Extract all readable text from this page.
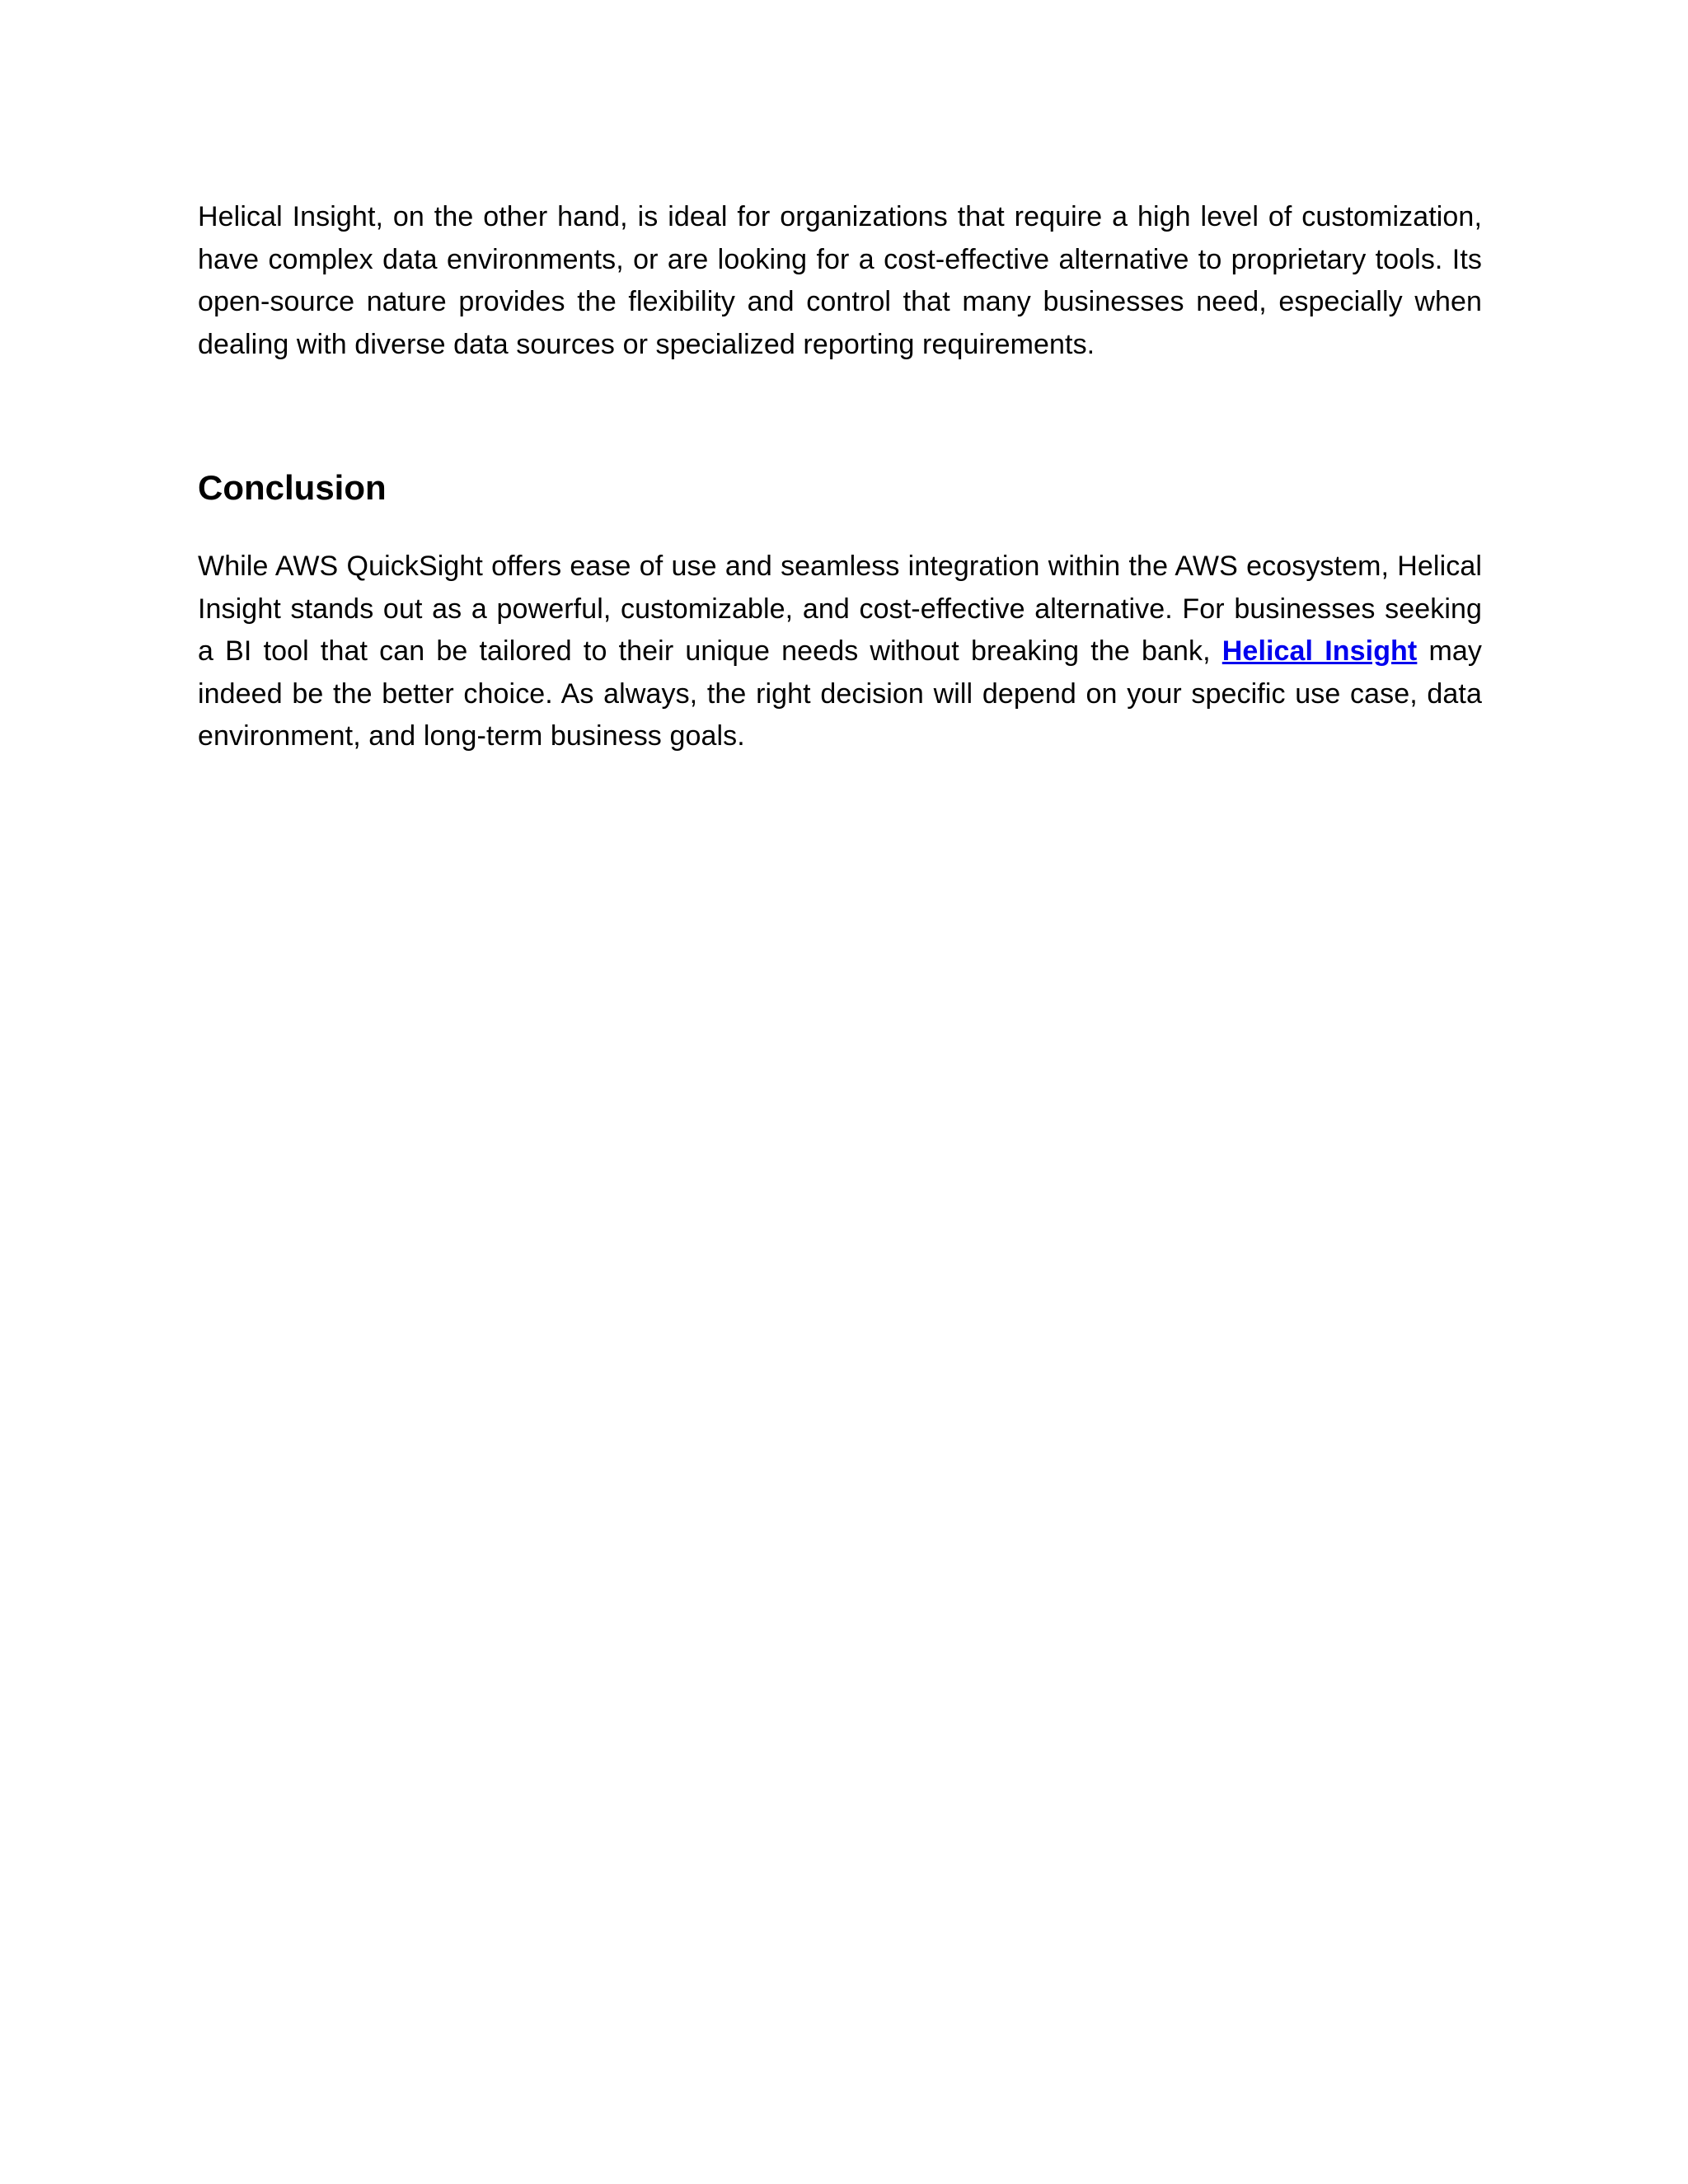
Helical Insight, on the other hand, is ideal for organizations that require a high level of customization, have complex data environments, or are looking for a cost-effective alternative to proprietary tools. Its open-source nature provides the flexibility and control that many businesses need, especially when dealing with diverse data sources or specialized reporting requirements.

Conclusion

While AWS QuickSight offers ease of use and seamless integration within the AWS ecosystem, Helical Insight stands out as a powerful, customizable, and cost-effective alternative. For businesses seeking a BI tool that can be tailored to their unique needs without breaking the bank, Helical Insight may indeed be the better choice. As always, the right decision will depend on your specific use case, data environment, and long-term business goals.
